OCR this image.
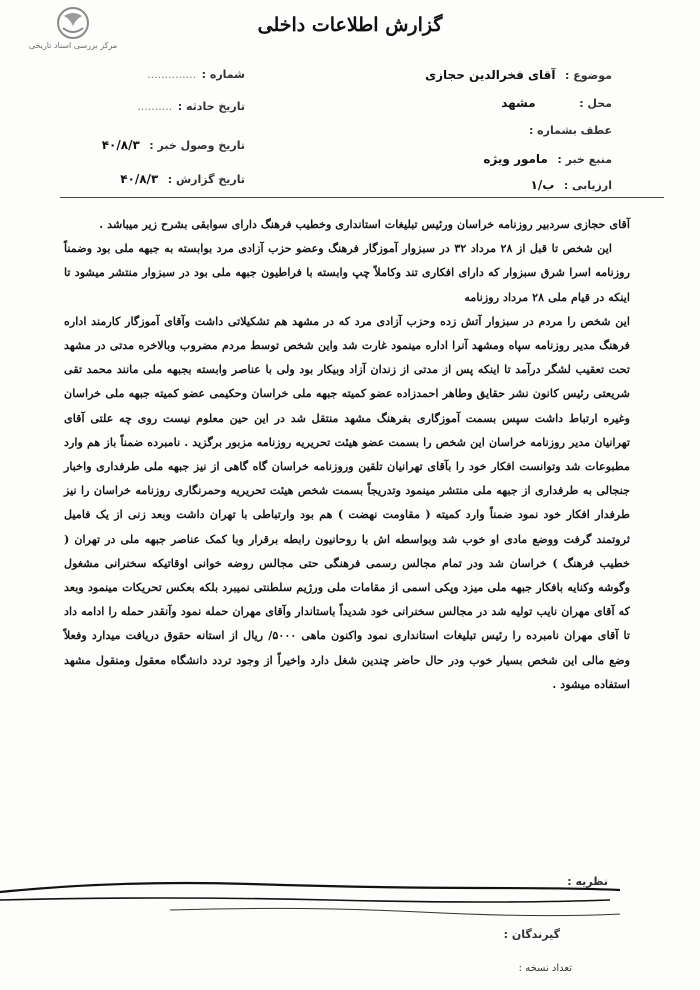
مرکز بررسی اسناد تاریخی
گزارش اطلاعات داخلی
موضوع : آقای فخرالدین حجازی
محل : مشهد
عطف بشماره :
منبع خبر : مامور ویژه
ارزیابی : ب/۱
شماره : ..............
تاریخ حادثه : ..........
تاریخ وصول خبر : ۴۰/۸/۳
تاریخ گزارش : ۴۰/۸/۳

آقای حجازی سردبیر روزنامه خراسان ورئیس تبلیغات استانداری وخطیب فرهنگ دارای سوابقی بشرح زیر میباشد .

این شخص تا قبل از ۲۸ مرداد ۳۲ در سبزوار آموزگار فرهنگ وعضو حزب آزادی مرد بوابسته به جبهه ملی بود وضمناً روزنامه اسرا شرق سبزوار که دارای افکاری تند وکاملاً چپ وابسته با فراطیون جبهه ملی بود در سبزوار منتشر میشود تا اینکه در قیام ملی ۲۸ مرداد روزنامه

این شخص را مردم در سبزوار آتش زده وحزب آزادی مرد که در مشهد هم تشکیلاتی داشت وآقای آموزگار کارمند اداره فرهنگ مدیر روزنامه سپاه ومشهد آنرا اداره مینمود غارت شد واین شخص توسط مردم مضروب وبالاخره مدتی در مشهد تحت تعقیب لشگر درآمد تا اینکه پس از مدتی از زندان آزاد وبیکار بود ولی با عناصر وابسته بجبهه ملی مانند محمد تقی شریعتی رئیس کانون نشر حقایق وطاهر احمدزاده عضو کمیته جبهه ملی خراسان وحکیمی عضو کمیته جبهه ملی خراسان وغیره ارتباط داشت سپس بسمت آموزگاری بفرهنگ مشهد منتقل شد در این حین معلوم نیست روی چه علتی آقای تهرانیان مدیر روزنامه خراسان این شخص را بسمت عضو هیئت تحریریه روزنامه مزبور برگزید . نامبرده ضمناً باز هم وارد مطبوعات شد وتوانست افکار خود را بآقای تهرانیان تلقین وروزنامه خراسان گاه گاهی از نیز جبهه ملی طرفداری واخبار جنجالی به طرفداری از جبهه ملی منتشر مینمود وتدریجاً بسمت شخص هیئت تحریریه وحمرنگاری روزنامه خراسان را نیز طرفدار افکار خود نمود ضمناً وارد کمیته ( مقاومت نهضت ) هم بود وارتباطی با تهران داشت وبعد زنی از یک فامیل ثروتمند گرفت ووضع مادی او خوب شد وبواسطه اش با روحانیون رابطه برقرار وبا کمک عناصر جبهه ملی در تهران ( خطیب فرهنگ ) خراسان شد ودر تمام مجالس رسمی فرهنگی حتی مجالس روضه خوانی اوقاتیکه سخنرانی مشغول وگوشه وکنایه بافکار جبهه ملی میزد وپکی اسمی از مقامات ملی ورژیم سلطنتی نمیبرد بلکه بعکس تحریکات مینمود وبعد که آقای مهران نایب تولیه شد در مجالس سخنرانی خود شدیداً باستاندار وآقای مهران حمله نمود وآنقدر حمله را ادامه داد تا آقای مهران نامبرده را رئیس تبلیغات استانداری نمود واکنون ماهی ۵۰۰۰/ ریال از استانه حقوق دریافت میدارد وفعلاً وضع مالی این شخص بسیار خوب ودر حال حاضر چندین شغل دارد واخیراً از وجود تردد دانشگاه معقول ومنقول مشهد استفاده میشود .

نظریه :
گیرندگان :
تعداد نسخه :
